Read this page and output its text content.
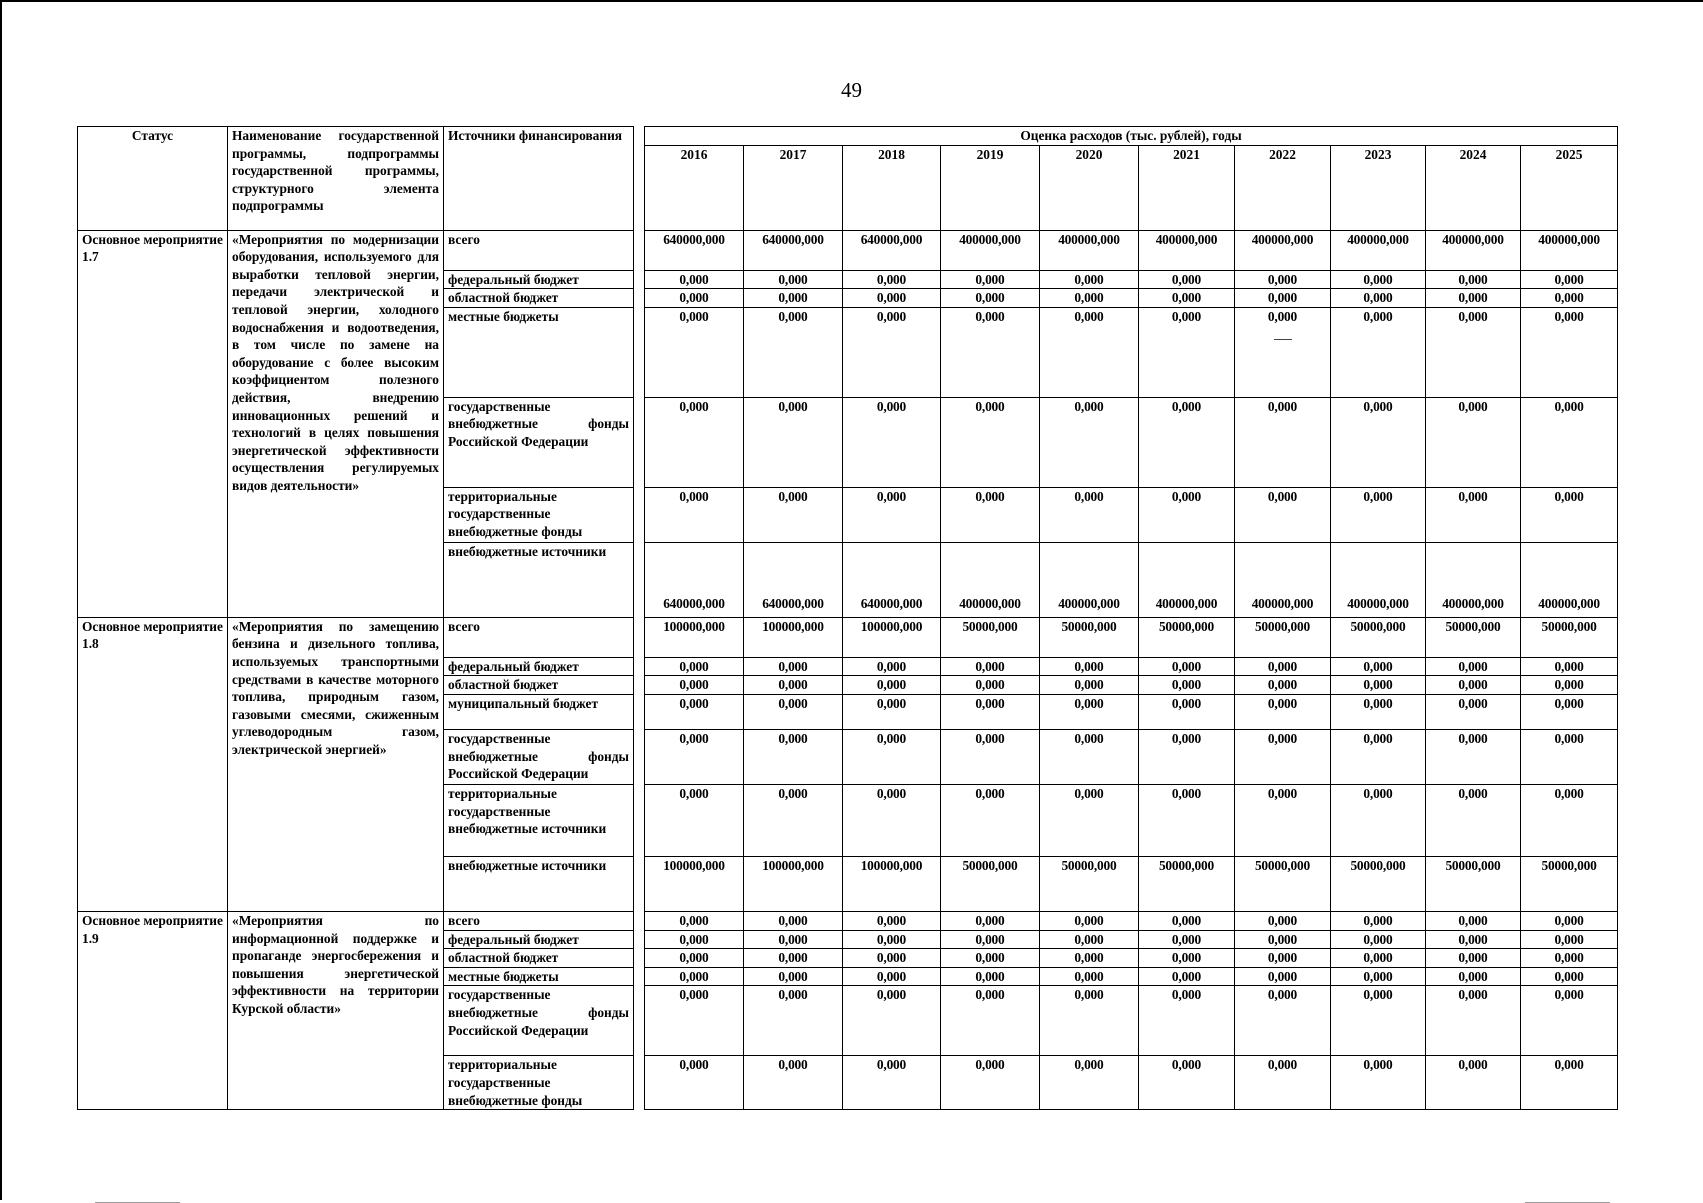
49
Статус	Наименование государственной программы, подпрограммы государственной программы, структурного элемента подпрограммы	Источники финансирования		Оценка расходов (тыс. рублей), годы									
				2016	2017	2018	2019	2020	2021	2022	2023	2024	2025
Основное мероприятие 1.7	«Мероприятия по модернизации оборудования, используемого для выработки тепловой энергии, передачи электрической и тепловой энергии, холодного водоснабжения и водоотведения, в том числе по замене на оборудование с более высоким коэффициентом полезного действия, внедрению инновационных решений и технологий в целях повышения энергетической эффективности осуществления регулируемых видов деятельности»	всего		640000,000	640000,000	640000,000	400000,000	400000,000	400000,000	400000,000	400000,000	400000,000	400000,000
		федеральный бюджет		0,000	0,000	0,000	0,000	0,000	0,000	0,000	0,000	0,000	0,000
		областной бюджет		0,000	0,000	0,000	0,000	0,000	0,000	0,000	0,000	0,000	0,000
		местные бюджеты		0,000	0,000	0,000	0,000	0,000	0,000	0,000	0,000	0,000	0,000
		государственные внебюджетные фонды Российской Федерации		0,000	0,000	0,000	0,000	0,000	0,000	0,000	0,000	0,000	0,000
		территориальные государственные внебюджетные фонды		0,000	0,000	0,000	0,000	0,000	0,000	0,000	0,000	0,000	0,000
		внебюджетные источники		640000,000	640000,000	640000,000	400000,000	400000,000	400000,000	400000,000	400000,000	400000,000	400000,000
Основное мероприятие 1.8	«Мероприятия по замещению бензина и дизельного топлива, используемых транспортными средствами в качестве моторного топлива, природным газом, газовыми смесями, сжиженным углеводородным газом, электрической энергией»	всего		100000,000	100000,000	100000,000	50000,000	50000,000	50000,000	50000,000	50000,000	50000,000	50000,000
		федеральный бюджет		0,000	0,000	0,000	0,000	0,000	0,000	0,000	0,000	0,000	0,000
		областной бюджет		0,000	0,000	0,000	0,000	0,000	0,000	0,000	0,000	0,000	0,000
		муниципальный бюджет		0,000	0,000	0,000	0,000	0,000	0,000	0,000	0,000	0,000	0,000
		государственные внебюджетные фонды Российской Федерации		0,000	0,000	0,000	0,000	0,000	0,000	0,000	0,000	0,000	0,000
		территориальные государственные внебюджетные источники		0,000	0,000	0,000	0,000	0,000	0,000	0,000	0,000	0,000	0,000
		внебюджетные источники		100000,000	100000,000	100000,000	50000,000	50000,000	50000,000	50000,000	50000,000	50000,000	50000,000
Основное мероприятие 1.9	«Мероприятия по информационной поддержке и пропаганде энергосбережения и повышения энергетической эффективности на территории Курской области»	всего		0,000	0,000	0,000	0,000	0,000	0,000	0,000	0,000	0,000	0,000
		федеральный бюджет		0,000	0,000	0,000	0,000	0,000	0,000	0,000	0,000	0,000	0,000
		областной бюджет		0,000	0,000	0,000	0,000	0,000	0,000	0,000	0,000	0,000	0,000
		местные бюджеты		0,000	0,000	0,000	0,000	0,000	0,000	0,000	0,000	0,000	0,000
		государственные внебюджетные фонды Российской Федерации		0,000	0,000	0,000	0,000	0,000	0,000	0,000	0,000	0,000	0,000
		территориальные государственные внебюджетные фонды		0,000	0,000	0,000	0,000	0,000	0,000	0,000	0,000	0,000	0,000
